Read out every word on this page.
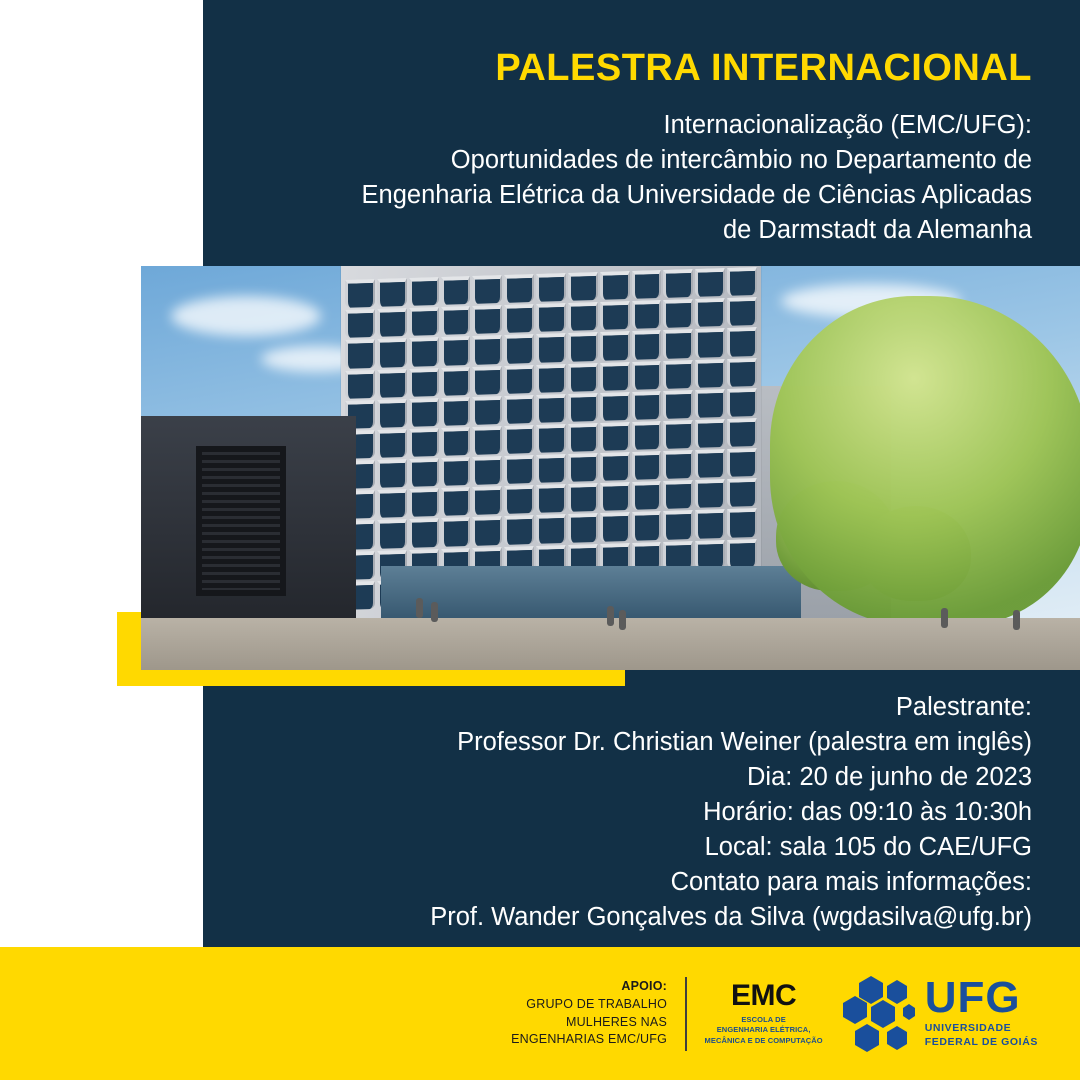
PALESTRA INTERNACIONAL
Internacionalização (EMC/UFG):
Oportunidades de intercâmbio no Departamento de
Engenharia Elétrica da Universidade de Ciências Aplicadas
de Darmstadt da Alemanha
Palestrante:
Professor Dr. Christian Weiner (palestra em inglês)
Dia: 20 de junho de 2023
Horário: das 09:10 às 10:30h
Local: sala 105 do CAE/UFG
Contato para mais informações:
Prof. Wander Gonçalves da Silva (wgdasilva@ufg.br)
APOIO:
GRUPO DE TRABALHO
MULHERES NAS
ENGENHARIAS EMC/UFG
EMC
ESCOLA DE
ENGENHARIA ELÉTRICA,
MECÂNICA E DE COMPUTAÇÃO
UFG
UNIVERSIDADE
FEDERAL DE GOIÁS
